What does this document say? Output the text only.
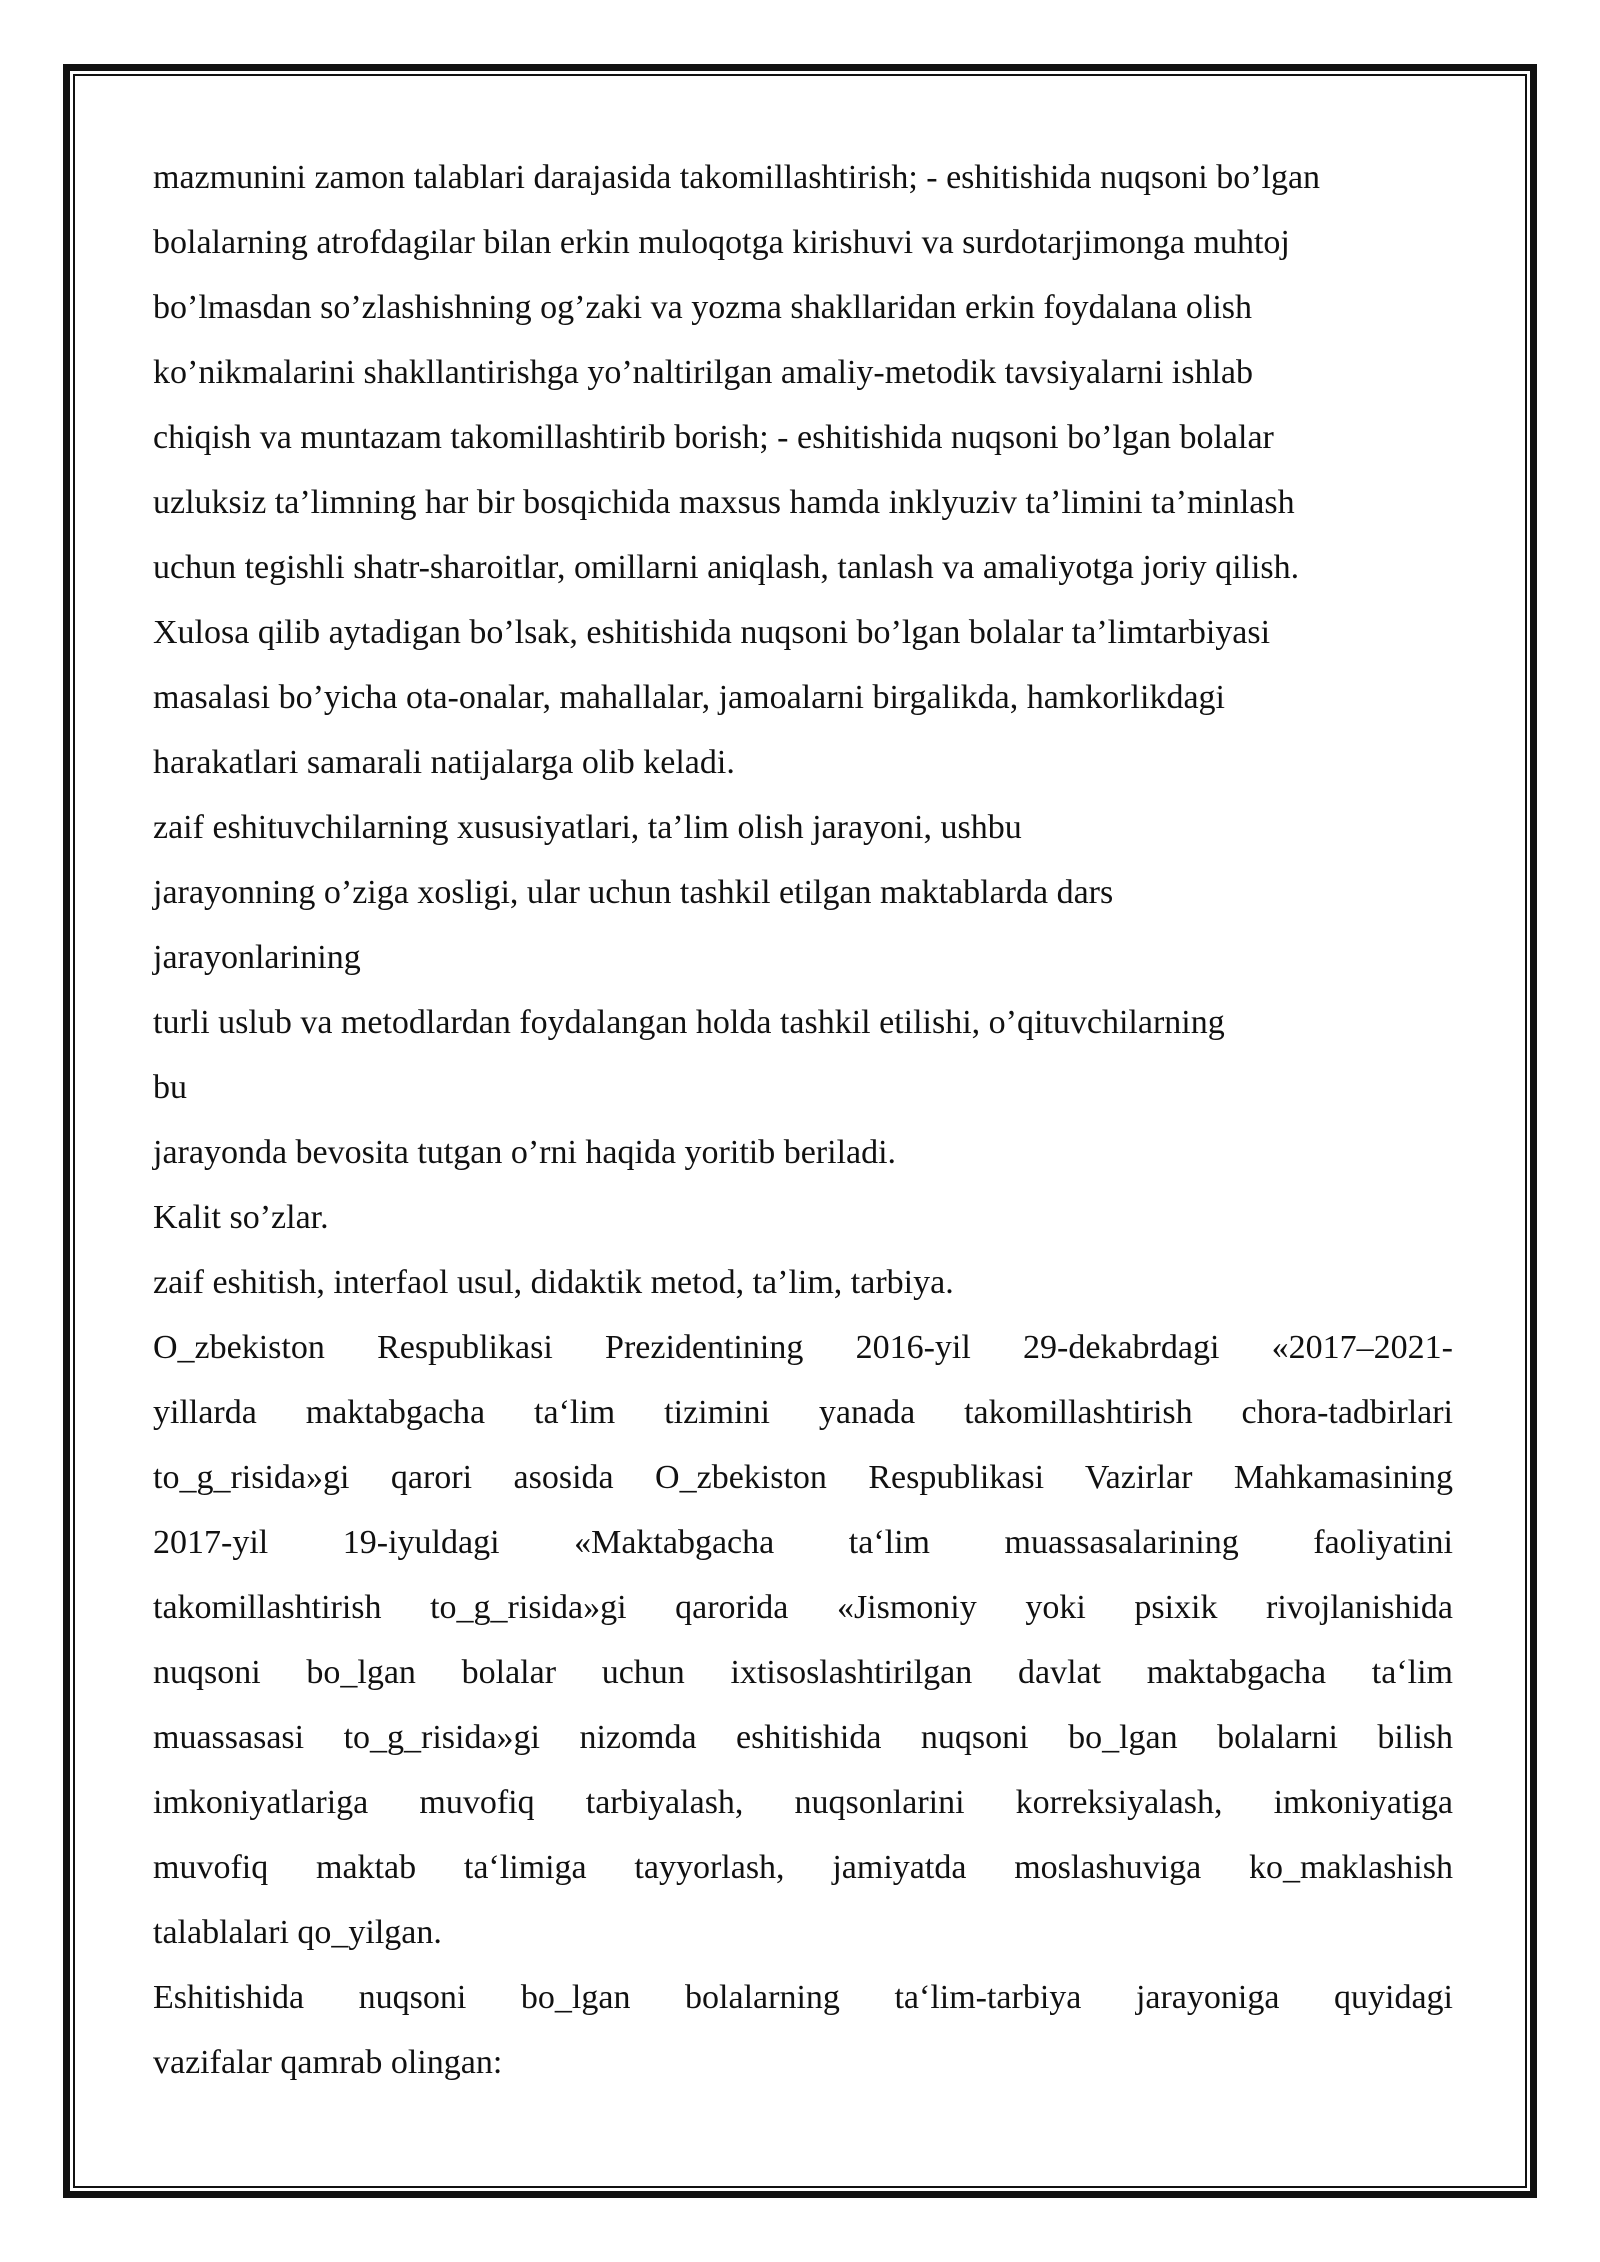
mazmunini zamon talablari darajasida takomillashtirish; - eshitishida nuqsoni bo’lgan
bolalarning atrofdagilar bilan erkin muloqotga kirishuvi va surdotarjimonga muhtoj
bo’lmasdan so’zlashishning og’zaki va yozma shakllaridan erkin foydalana olish
ko’nikmalarini shakllantirishga yo’naltirilgan amaliy-metodik tavsiyalarni ishlab
chiqish va muntazam takomillashtirib borish; - eshitishida nuqsoni bo’lgan bolalar
uzluksiz ta’limning har bir bosqichida maxsus hamda inklyuziv ta’limini ta’minlash
uchun tegishli shatr-sharoitlar, omillarni aniqlash, tanlash va amaliyotga joriy qilish.
Xulosa qilib aytadigan bo’lsak, eshitishida nuqsoni bo’lgan bolalar ta’limtarbiyasi
masalasi bo’yicha ota-onalar, mahallalar, jamoalarni birgalikda, hamkorlikdagi
harakatlari samarali natijalarga olib keladi.
zaif eshituvchilarning xususiyatlari, ta’lim olish jarayoni, ushbu
jarayonning o’ziga xosligi, ular uchun tashkil etilgan maktablarda dars
jarayonlarining
turli uslub va metodlardan foydalangan holda tashkil etilishi, o’qituvchilarning
bu
jarayonda bevosita tutgan o’rni haqida yoritib beriladi.
Kalit so’zlar.
zaif eshitish, interfaol usul, didaktik metod, ta’lim, tarbiya.
O_zbekiston Respublikasi Prezidentining 2016-yil 29-dekabrdagi «2017–2021-
yillarda maktabgacha ta‘lim tizimini yanada takomillashtirish chora-tadbirlari
to_g_risida»gi qarori asosida O_zbekiston Respublikasi Vazirlar Mahkamasining
2017-yil 19-iyuldagi «Maktabgacha ta‘lim muassasalarining faoliyatini
takomillashtirish to_g_risida»gi qarorida «Jismoniy yoki psixik rivojlanishida
nuqsoni bo_lgan bolalar uchun ixtisoslashtirilgan davlat maktabgacha ta‘lim
muassasasi to_g_risida»gi nizomda eshitishida nuqsoni bo_lgan bolalarni bilish
imkoniyatlariga muvofiq tarbiyalash, nuqsonlarini korreksiyalash, imkoniyatiga
muvofiq maktab ta‘limiga tayyorlash, jamiyatda moslashuviga ko_maklashish
talablalari qo_yilgan.
Eshitishida nuqsoni bo_lgan bolalarning ta‘lim-tarbiya jarayoniga quyidagi
vazifalar qamrab olingan:
